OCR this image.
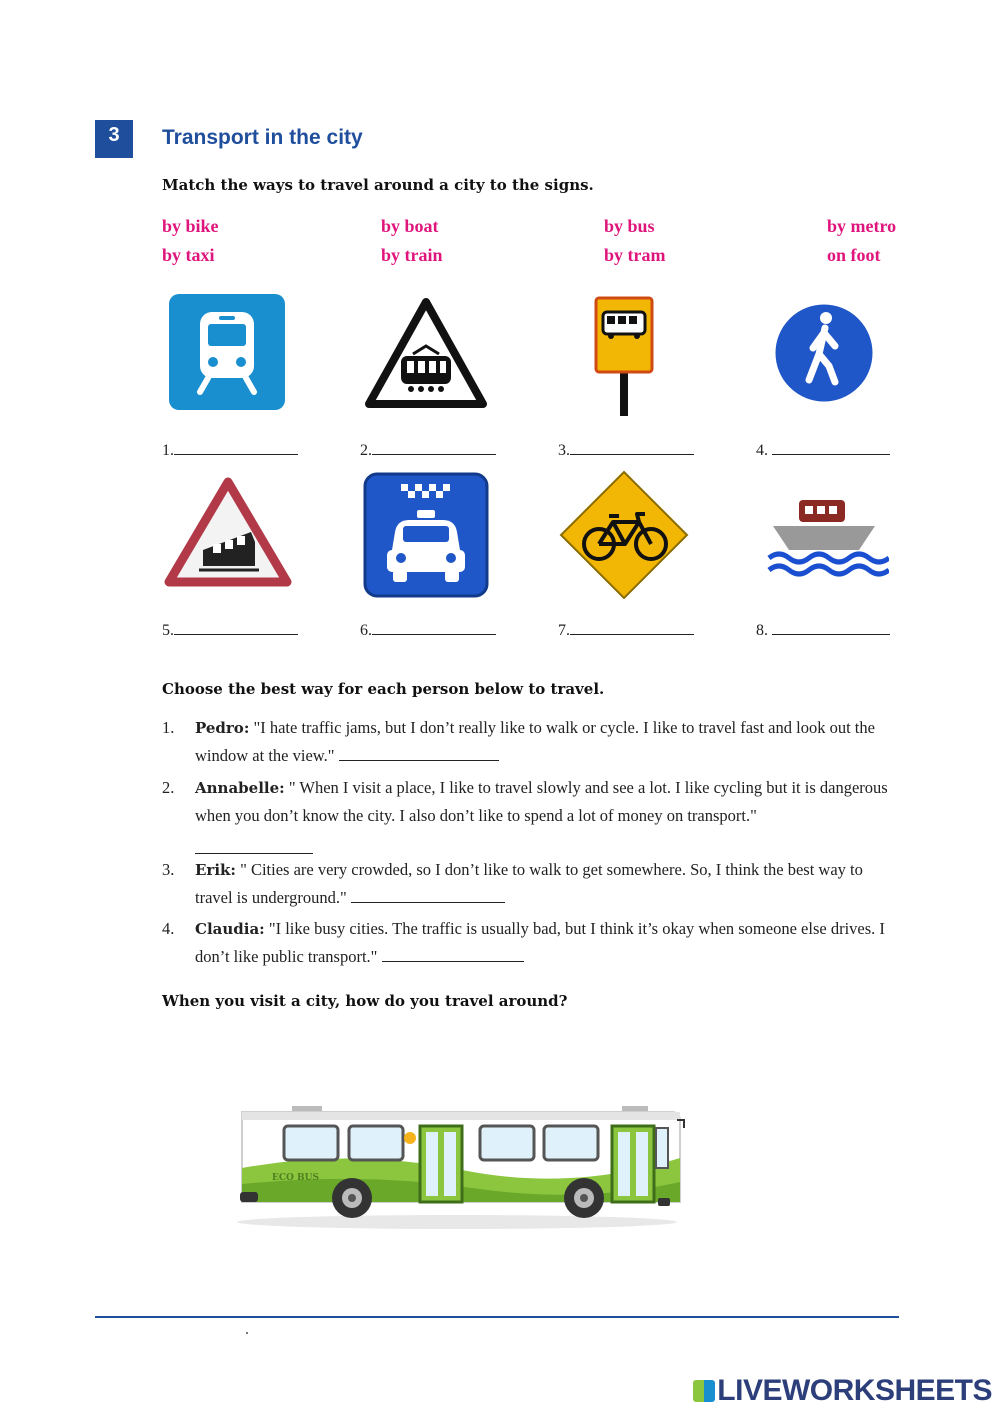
3	Transport in the city
Match the ways to travel around a city to the signs.
by bike	by boat	by bus	by metro
by taxi	by train	by tram	on foot
1.	2.	3.	4.
5.	6.	7.	8.
Choose the best way for each person below to travel.
1. Pedro: "I hate traffic jams, but I don’t really like to walk or cycle. I like to travel fast and look out the window at the view."
2. Annabelle: " When I visit a place, I like to travel slowly and see a lot. I like cycling but it is dangerous when you don’t know the city. I also don’t like to spend a lot of money on transport."
3. Erik: " Cities are very crowded, so I don’t like to walk to get somewhere. So, I think the best way to travel is underground."
4. Claudia: "I like busy cities. The traffic is usually bad, but I think it’s okay when someone else drives. I don’t like public transport."
When you visit a city, how do you travel around?
ECO BUS
LIVEWORKSHEETS
